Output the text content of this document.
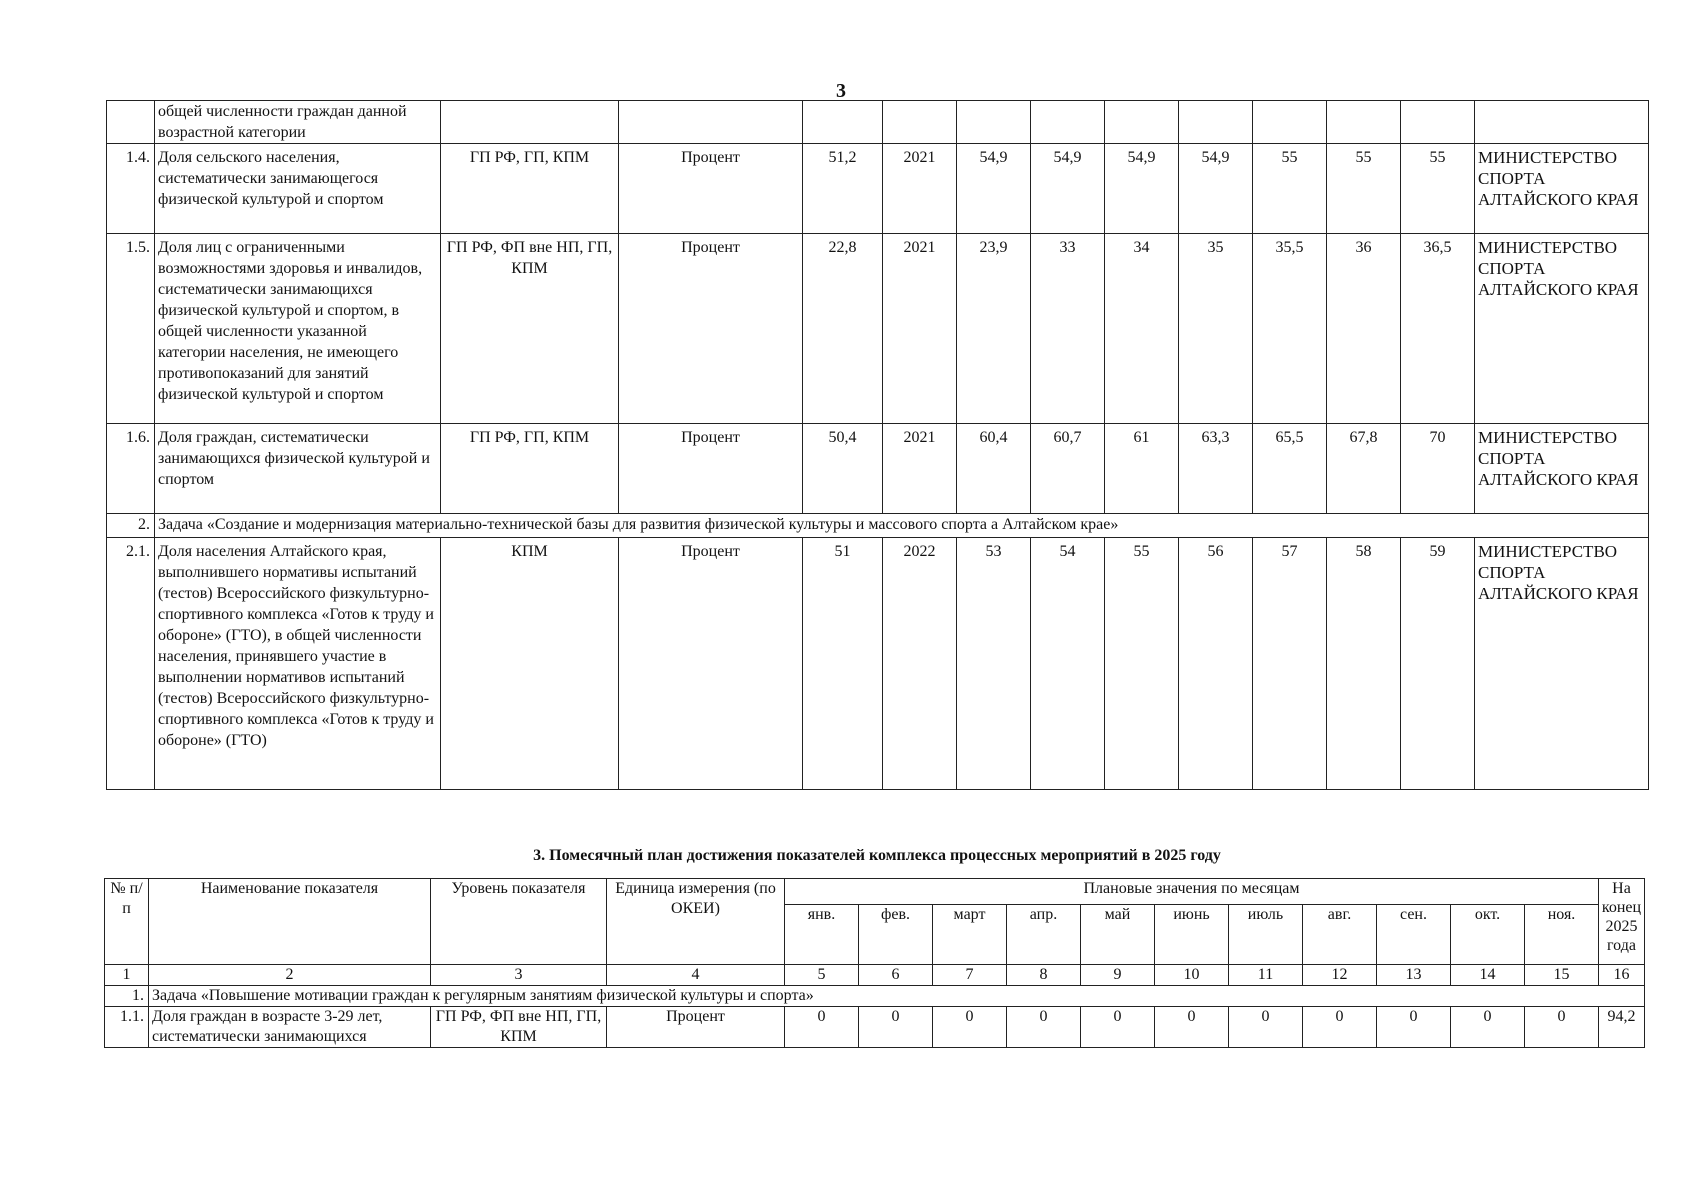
3
	общей численности граждан данной возрастной категории												
1.4.	Доля сельского населения, систематически занимающегося физической культурой и спортом	ГП РФ, ГП, КПМ	Процент	51,2	2021	54,9	54,9	54,9	54,9	55	55	55	МИНИСТЕРСТВО СПОРТА АЛТАЙСКОГО КРАЯ
1.5.	Доля лиц с ограниченными возможностями здоровья и инвалидов, систематически занимающихся физической культурой и спортом, в общей численности указанной категории населения, не имеющего противопоказаний для занятий физической культурой и спортом	ГП РФ, ФП вне НП, ГП, КПМ	Процент	22,8	2021	23,9	33	34	35	35,5	36	36,5	МИНИСТЕРСТВО СПОРТА АЛТАЙСКОГО КРАЯ
1.6.	Доля граждан, систематически занимающихся физической культурой и спортом	ГП РФ, ГП, КПМ	Процент	50,4	2021	60,4	60,7	61	63,3	65,5	67,8	70	МИНИСТЕРСТВО СПОРТА АЛТАЙСКОГО КРАЯ
2.	Задача «Создание и модернизация материально-технической базы для развития физической культуры и массового спорта а Алтайском крае»												
2.1.	Доля населения Алтайского края, выполнившего нормативы испытаний (тестов) Всероссийского физкультурно-спортивного комплекса «Готов к труду и обороне» (ГТО), в общей численности населения, принявшего участие в выполнении нормативов испытаний (тестов) Всероссийского физкультурно-спортивного комплекса «Готов к труду и обороне» (ГТО)	КПМ	Процент	51	2022	53	54	55	56	57	58	59	МИНИСТЕРСТВО СПОРТА АЛТАЙСКОГО КРАЯ
3. Помесячный план достижения показателей комплекса процессных мероприятий в 2025 году
№ п/п	Наименование показателя	Уровень показателя	Единица измерения (по ОКЕИ)	Плановые значения по месяцам											На конец 2025 года
				янв.	фев.	март	апр.	май	июнь	июль	авг.	сен.	окт.	ноя.	
1	2	3	4	5	6	7	8	9	10	11	12	13	14	15	16
1.	Задача «Повышение мотивации граждан к регулярным занятиям физической культуры и спорта»														
1.1.	Доля граждан в возрасте 3-29 лет, систематически занимающихся	ГП РФ, ФП вне НП, ГП, КПМ	Процент	0	0	0	0	0	0	0	0	0	0	0	94,2
